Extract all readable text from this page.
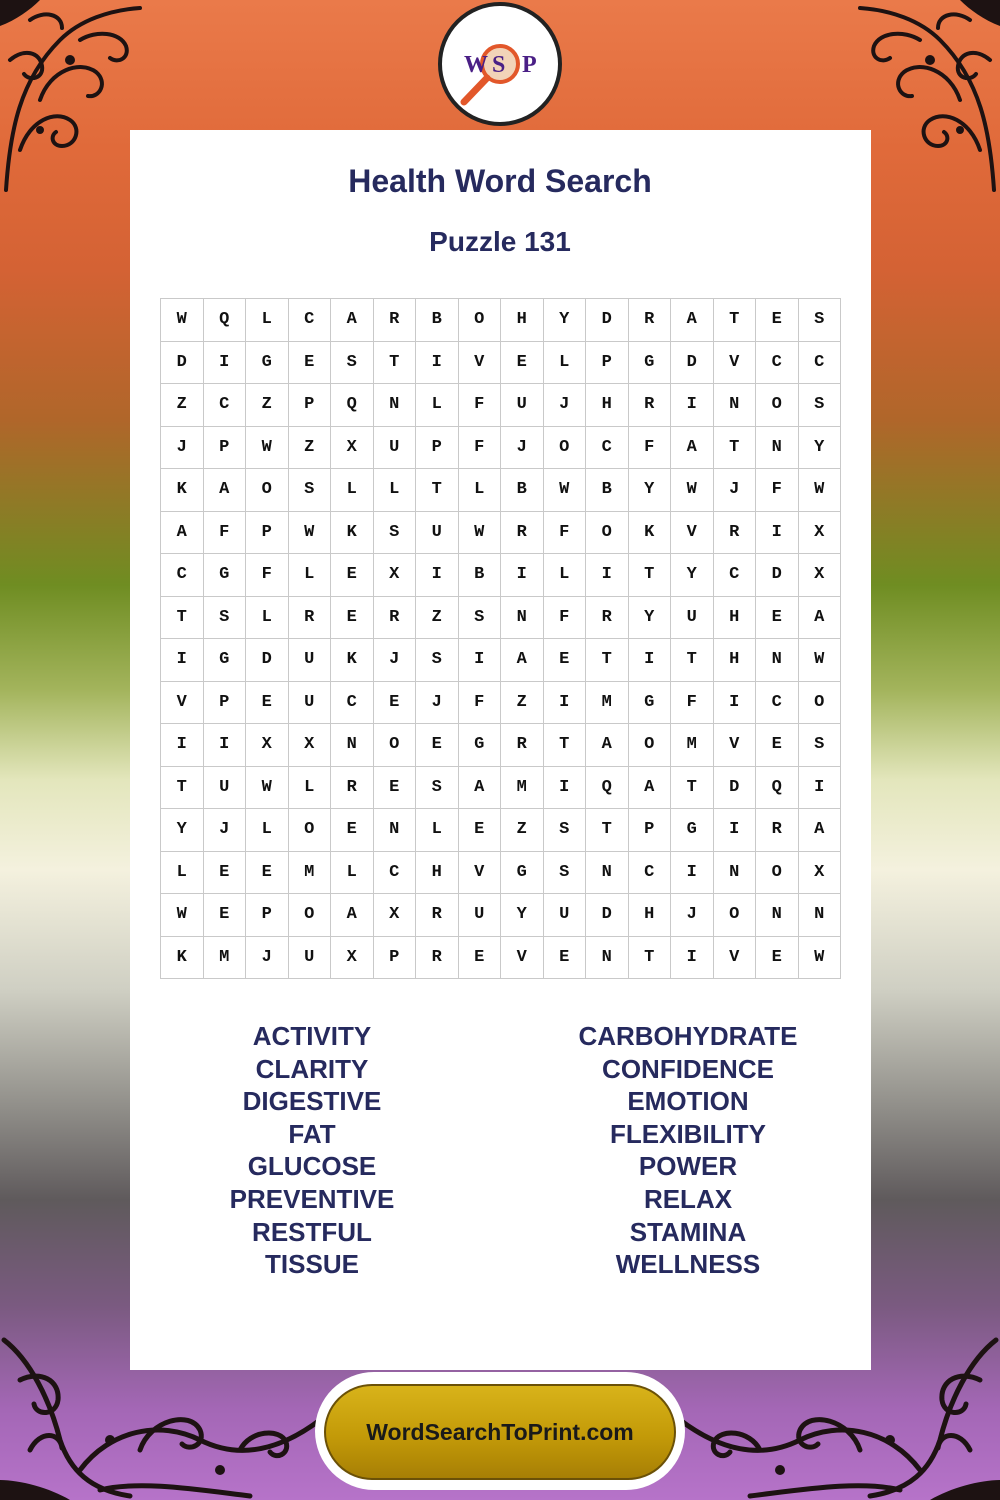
W S P
Health Word Search
Puzzle 131
W	Q	L	C	A	R	B	O	H	Y	D	R	A	T	E	S
D	I	G	E	S	T	I	V	E	L	P	G	D	V	C	C
Z	C	Z	P	Q	N	L	F	U	J	H	R	I	N	O	S
J	P	W	Z	X	U	P	F	J	O	C	F	A	T	N	Y
K	A	O	S	L	L	T	L	B	W	B	Y	W	J	F	W
A	F	P	W	K	S	U	W	R	F	O	K	V	R	I	X
C	G	F	L	E	X	I	B	I	L	I	T	Y	C	D	X
T	S	L	R	E	R	Z	S	N	F	R	Y	U	H	E	A
I	G	D	U	K	J	S	I	A	E	T	I	T	H	N	W
V	P	E	U	C	E	J	F	Z	I	M	G	F	I	C	O
I	I	X	X	N	O	E	G	R	T	A	O	M	V	E	S
T	U	W	L	R	E	S	A	M	I	Q	A	T	D	Q	I
Y	J	L	O	E	N	L	E	Z	S	T	P	G	I	R	A
L	E	E	M	L	C	H	V	G	S	N	C	I	N	O	X
W	E	P	O	A	X	R	U	Y	U	D	H	J	O	N	N
K	M	J	U	X	P	R	E	V	E	N	T	I	V	E	W
ACTIVITY
CLARITY
DIGESTIVE
FAT
GLUCOSE
PREVENTIVE
RESTFUL
TISSUE
CARBOHYDRATE
CONFIDENCE
EMOTION
FLEXIBILITY
POWER
RELAX
STAMINA
WELLNESS
WordSearchToPrint.com
